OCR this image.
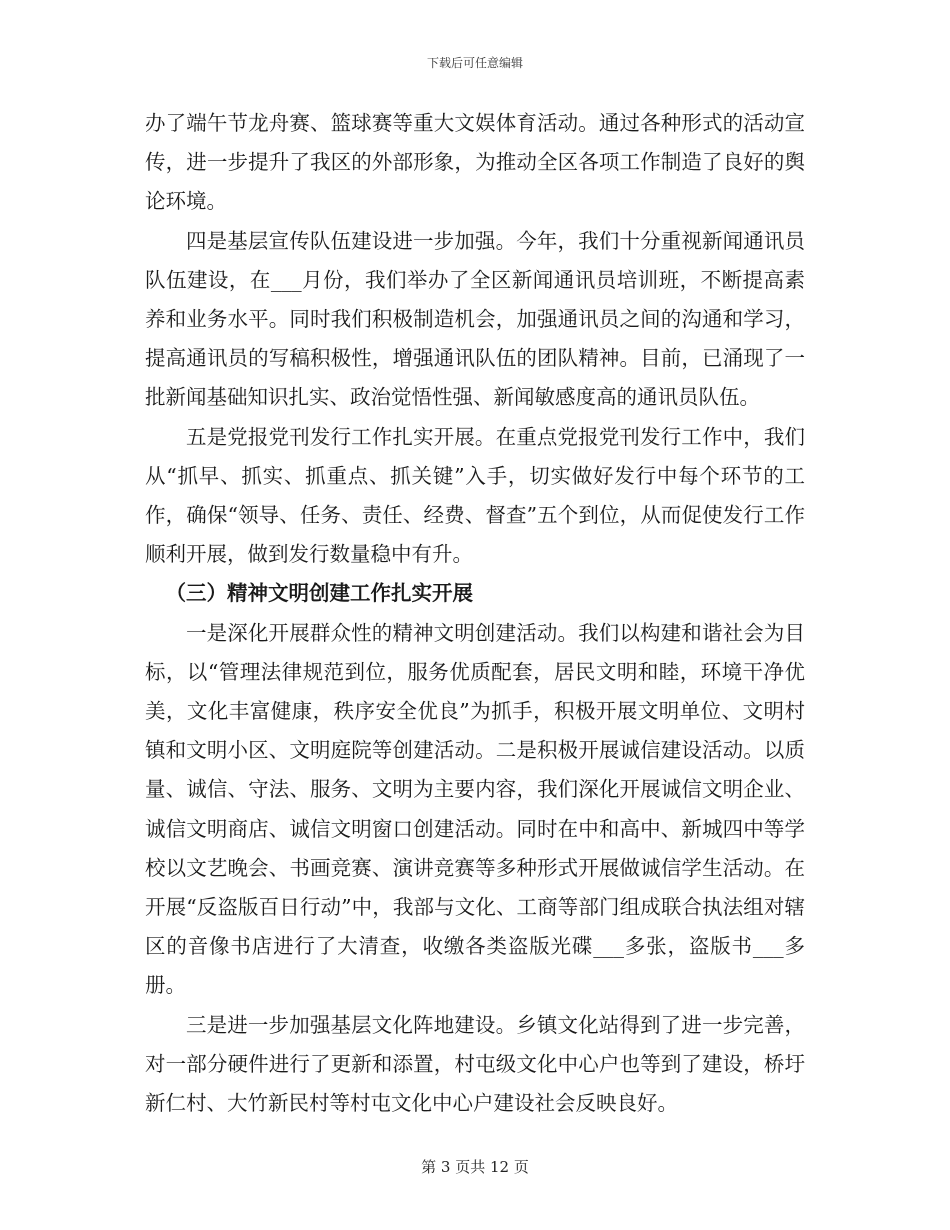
下载后可任意编辑

办了端午节龙舟赛、篮球赛等重大文娱体育活动。通过各种形式的活动宣传，进一步提升了我区的外部形象，为推动全区各项工作制造了良好的舆论环境。

四是基层宣传队伍建设进一步加强。今年，我们十分重视新闻通讯员队伍建设，在___月份，我们举办了全区新闻通讯员培训班，不断提高素养和业务水平。同时我们积极制造机会，加强通讯员之间的沟通和学习，提高通讯员的写稿积极性，增强通讯队伍的团队精神。目前，已涌现了一批新闻基础知识扎实、政治觉悟性强、新闻敏感度高的通讯员队伍。

五是党报党刊发行工作扎实开展。在重点党报党刊发行工作中，我们从“抓早、抓实、抓重点、抓关键”入手，切实做好发行中每个环节的工作，确保“领导、任务、责任、经费、督查”五个到位，从而促使发行工作顺利开展，做到发行数量稳中有升。

（三）精神文明创建工作扎实开展

一是深化开展群众性的精神文明创建活动。我们以构建和谐社会为目标，以“管理法律规范到位，服务优质配套，居民文明和睦，环境干净优美，文化丰富健康，秩序安全优良”为抓手，积极开展文明单位、文明村镇和文明小区、文明庭院等创建活动。二是积极开展诚信建设活动。以质量、诚信、守法、服务、文明为主要内容，我们深化开展诚信文明企业、诚信文明商店、诚信文明窗口创建活动。同时在中和高中、新城四中等学校以文艺晚会、书画竞赛、演讲竞赛等多种形式开展做诚信学生活动。在开展“反盗版百日行动”中，我部与文化、工商等部门组成联合执法组对辖区的音像书店进行了大清查，收缴各类盗版光碟___多张，盗版书___多册。

三是进一步加强基层文化阵地建设。乡镇文化站得到了进一步完善，对一部分硬件进行了更新和添置，村屯级文化中心户也等到了建设，桥圩新仁村、大竹新民村等村屯文化中心户建设社会反映良好。

第 3 页共 12 页
